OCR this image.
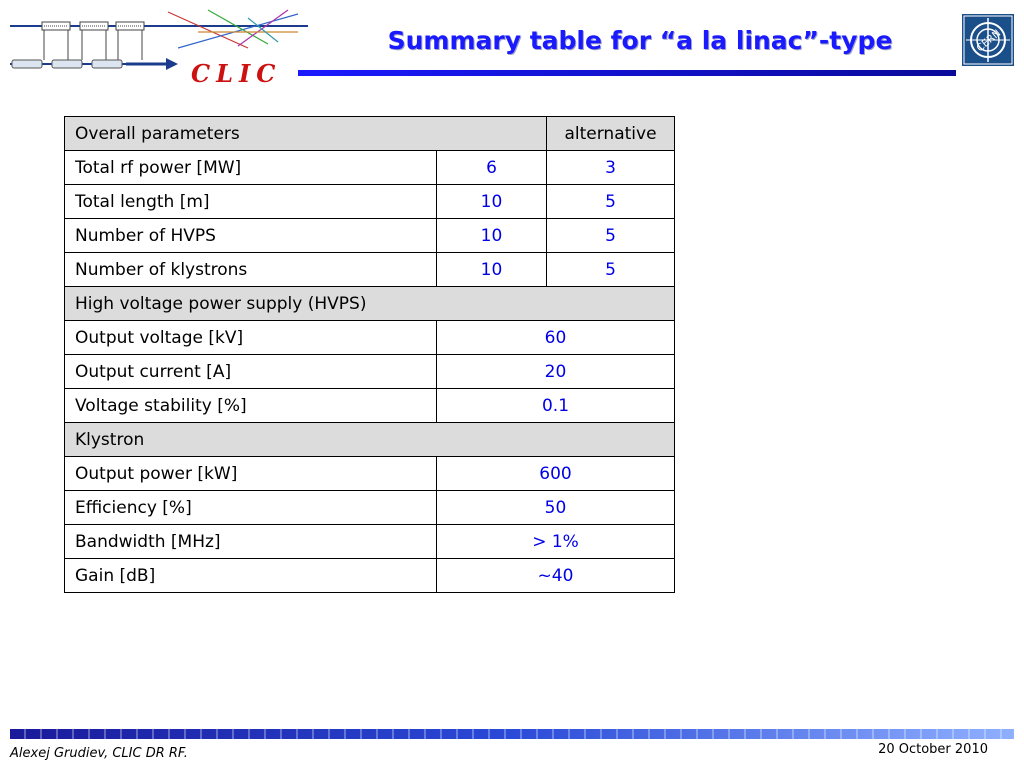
CLIC
Summary table for “a la linac”-type	CERN
Overall parameters		alternative
Total rf power [MW]	6	3
Total length [m]	10	5
Number of HVPS	10	5
Number of klystrons	10	5
High voltage power supply (HVPS)		
Output voltage [kV]	60	
Output current [A]	20	
Voltage stability [%]	0.1	
Klystron		
Output power [kW]	600	
Efficiency [%]	50	
Bandwidth [MHz]	> 1%	
Gain [dB]	~40	
Alexej Grudiev, CLIC DR RF.	20 October 2010
